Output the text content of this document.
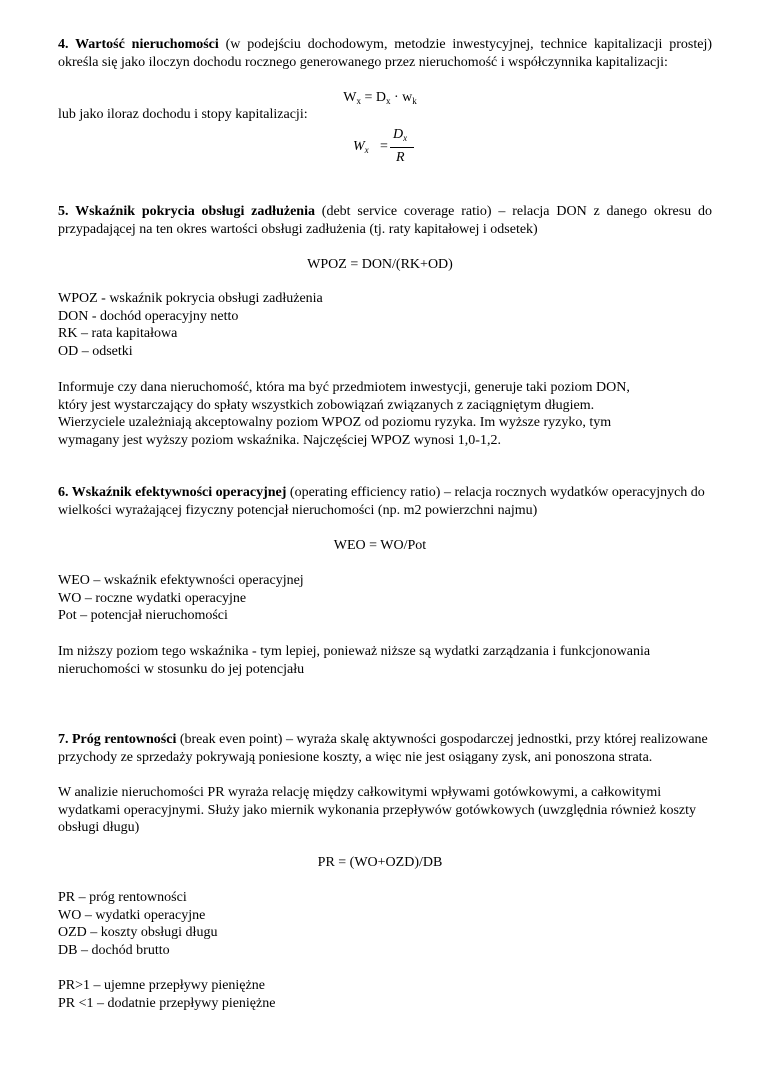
4. Wartość nieruchomości (w podejściu dochodowym, metodzie inwestycyjnej, technice kapitalizacji prostej) określa się jako iloczyn dochodu rocznego generowanego przez nieruchomość i współczynnika kapitalizacji:

$W_x = D_x \cdot w_k$

lub jako iloraz dochodu i stopy kapitalizacji:

$W_x$ =
$D_x$
R

5. Wskaźnik pokrycia obsługi zadłużenia (debt service coverage ratio) – relacja DON z danego okresu do przypadającej na ten okres wartości obsługi zadłużenia (tj. raty kapitałowej i odsetek)

WPOZ = DON/(RK+OD)
WPOZ - wskaźnik pokrycia obsługi zadłużenia
DON - dochód operacyjny netto
RK – rata kapitałowa
OD – odsetki
Informuje czy dana nieruchomość, która ma być przedmiotem inwestycji, generuje taki poziom DON,
który jest wystarczający do spłaty wszystkich zobowiązań związanych z zaciągniętym długiem.
Wierzyciele uzależniają akceptowalny poziom WPOZ od poziomu ryzyka. Im wyższe ryzyko, tym
wymagany jest wyższy poziom wskaźnika. Najczęściej WPOZ wynosi 1,0-1,2.

6. Wskaźnik efektywności operacyjnej (operating efficiency ratio) – relacja rocznych wydatków operacyjnych do wielkości wyrażającej fizyczny potencjał nieruchomości (np. m2 powierzchni najmu)

WEO = WO/Pot
WEO – wskaźnik efektywności operacyjnej
WO – roczne wydatki operacyjne
Pot – potencjał nieruchomości

Im niższy poziom tego wskaźnika - tym lepiej, ponieważ niższe są wydatki zarządzania i funkcjonowania nieruchomości w stosunku do jej potencjału

7. Próg rentowności (break even point) – wyraża skalę aktywności gospodarczej jednostki, przy której realizowane przychody ze sprzedaży pokrywają poniesione koszty, a więc nie jest osiągany zysk, ani ponoszona strata.

W analizie nieruchomości PR wyraża relację między całkowitymi wpływami gotówkowymi, a całkowitymi wydatkami operacyjnymi. Służy jako miernik wykonania przepływów gotówkowych (uwzględnia również koszty obsługi długu)

PR = (WO+OZD)/DB
PR – próg rentowności
WO – wydatki operacyjne
OZD – koszty obsługi długu
DB – dochód brutto
PR>1 – ujemne przepływy pieniężne
PR <1 – dodatnie przepływy pieniężne
